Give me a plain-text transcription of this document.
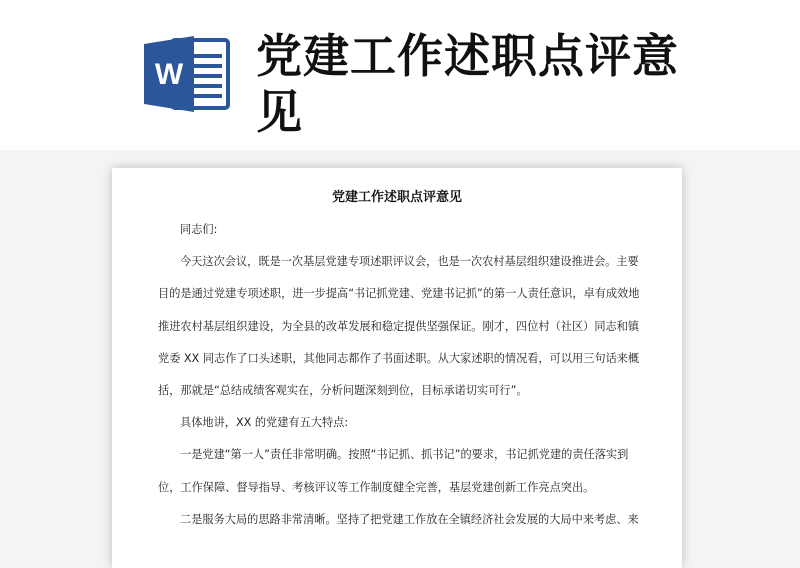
W 党建工作述职点评意见
党建工作述职点评意见

同志们:

今天这次会议，既是一次基层党建专项述职评议会，也是一次农村基层组织建设推进会。主要目的是通过党建专项述职，进一步提高“书记抓党建、党建书记抓”的第一人责任意识，卓有成效地推进农村基层组织建设，为全县的改革发展和稳定提供坚强保证。刚才，四位村（社区）同志和镇党委 XX 同志作了口头述职，其他同志都作了书面述职。从大家述职的情况看，可以用三句话来概括，那就是“总结成绩客观实在，分析问题深刻到位，目标承诺切实可行”。

具体地讲，XX 的党建有五大特点:

一是党建“第一人”责任非常明确。按照“书记抓、抓书记”的要求，书记抓党建的责任落实到位，工作保障、督导指导、考核评议等工作制度健全完善，基层党建创新工作亮点突出。

二是服务大局的思路非常清晰。坚持了把党建工作放在全镇经济社会发展的大局中来考虑、来
